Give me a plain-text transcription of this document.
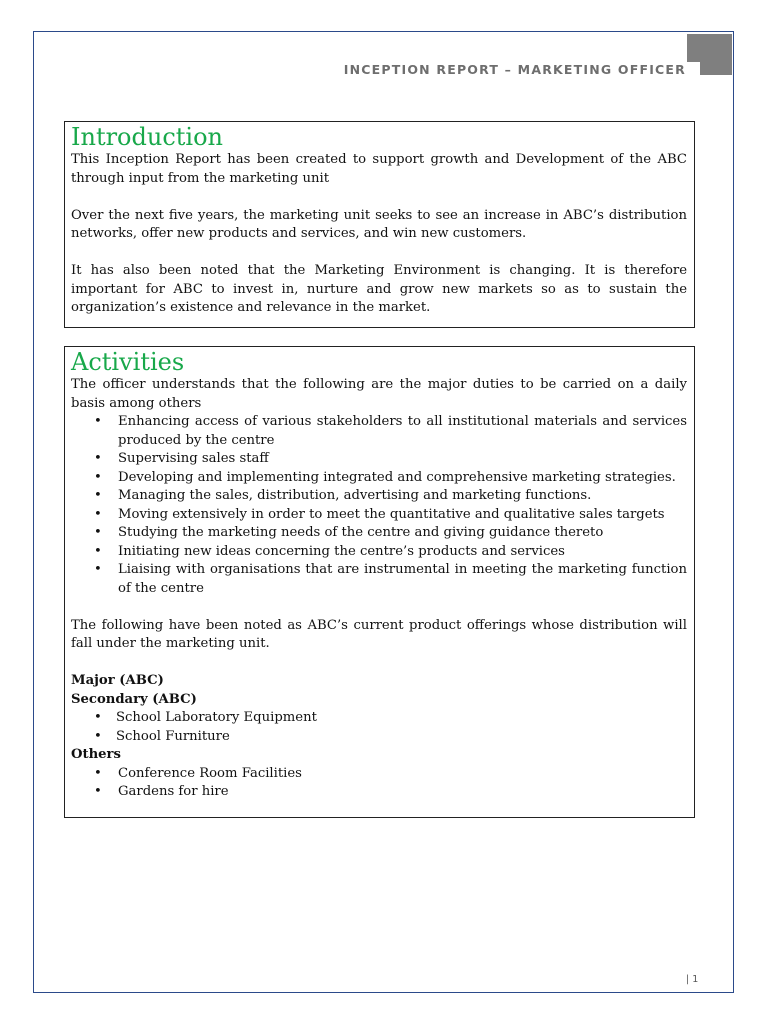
INCEPTION REPORT – MARKETING OFFICER
Introduction

This Inception Report has been created to support growth and Development of the ABC through input from the marketing unit

Over the next five years, the marketing unit seeks to see an increase in ABC’s distribution networks, offer new products and services, and win new customers.

It has also been noted that the Marketing Environment is changing. It is therefore important for ABC to invest in, nurture and grow new markets so as to sustain the organization’s existence and relevance in the market.

Activities

The officer understands that the following are the major duties to be carried on a daily basis among others

• Enhancing access of various stakeholders to all institutional materials and services produced by the centre
• Supervising sales staff
• Developing and implementing integrated and comprehensive marketing strategies.
• Managing the sales, distribution, advertising and marketing functions.
• Moving extensively in order to meet the quantitative and qualitative sales targets
• Studying the marketing needs of the centre and giving guidance thereto
• Initiating new ideas concerning the centre’s products and services
• Liaising with organisations that are instrumental in meeting the marketing function of the centre

The following have been noted as ABC’s current product offerings whose distribution will fall under the marketing unit.

Major (ABC)

Secondary (ABC)

• School Laboratory Equipment
• School Furniture

Others

• Conference Room Facilities
• Gardens for hire
| 1
